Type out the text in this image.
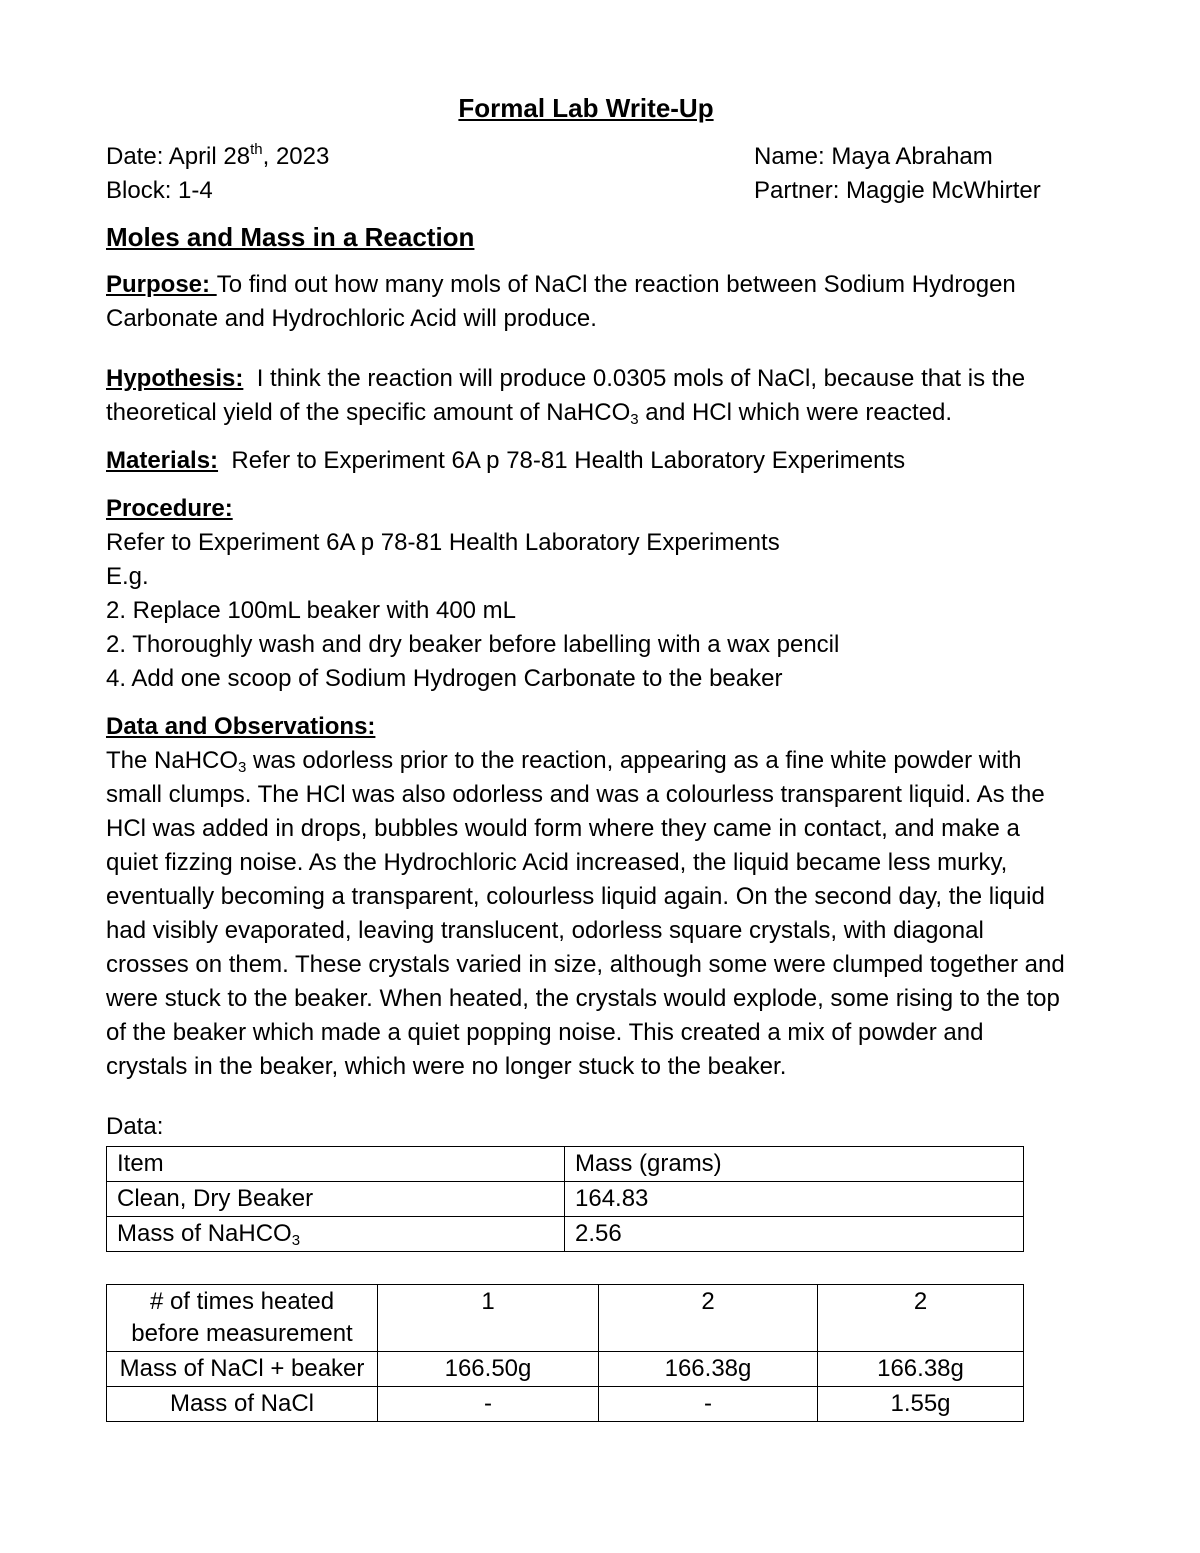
Formal Lab Write-Up
Date: April 28th, 2023	Name: Maya Abraham
Block: 1-4	Partner: Maggie McWhirter
Moles and Mass in a Reaction

Purpose: To find out how many mols of NaCl the reaction between Sodium Hydrogen Carbonate and Hydrochloric Acid will produce.

Hypothesis: I think the reaction will produce 0.0305 mols of NaCl, because that is the theoretical yield of the specific amount of NaHCO$_3$ and HCl which were reacted.

Materials: Refer to Experiment 6A p 78-81 Health Laboratory Experiments

Procedure:

Refer to Experiment 6A p 78-81 Health Laboratory Experiments

E.g.

2. Replace 100mL beaker with 400 mL

2. Thoroughly wash and dry beaker before labelling with a wax pencil

4. Add one scoop of Sodium Hydrogen Carbonate to the beaker

Data and Observations:

The NaHCO$_3$ was odorless prior to the reaction, appearing as a fine white powder with small clumps. The HCl was also odorless and was a colourless transparent liquid. As the HCl was added in drops, bubbles would form where they came in contact, and make a quiet fizzing noise. As the Hydrochloric Acid increased, the liquid became less murky, eventually becoming a transparent, colourless liquid again. On the second day, the liquid had visibly evaporated, leaving translucent, odorless square crystals, with diagonal crosses on them. These crystals varied in size, although some were clumped together and were stuck to the beaker. When heated, the crystals would explode, some rising to the top of the beaker which made a quiet popping noise. This created a mix of powder and crystals in the beaker, which were no longer stuck to the beaker.

Data:

Item	Mass (grams)
Clean, Dry Beaker	164.83
Mass of NaHCO$_3$	2.56
# of times heated before measurement	1	2	2
Mass of NaCl + beaker	166.50g	166.38g	166.38g
Mass of NaCl	-	-	1.55g
